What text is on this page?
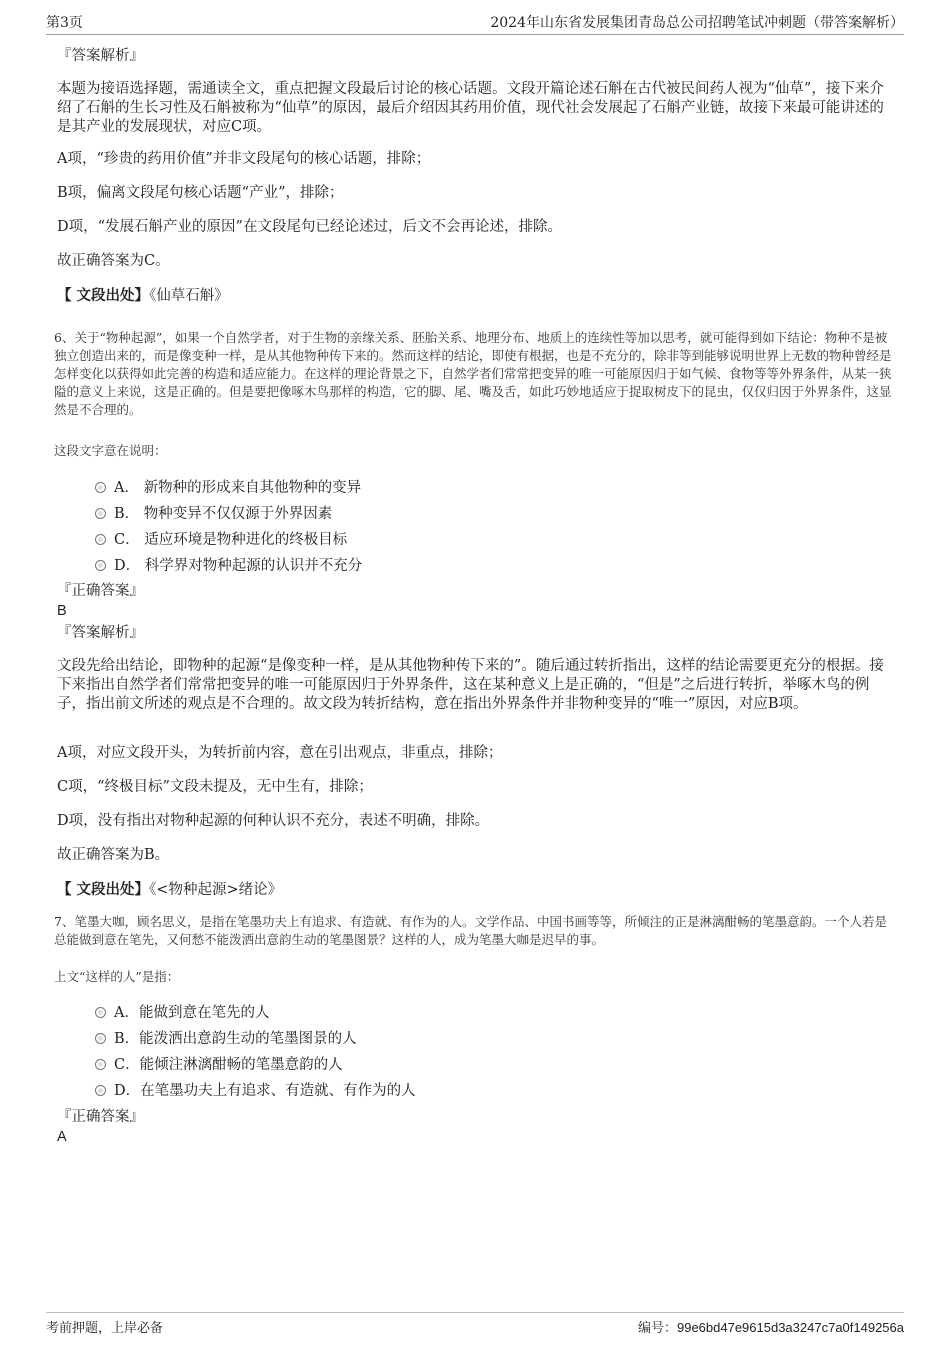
第3页	2024年山东省发展集团青岛总公司招聘笔试冲刺题（带答案解析）
『答案解析』
本题为接语选择题，需通读全文，重点把握文段最后讨论的核心话题。文段开篇论述石斛在古代被民间药人视为“仙草”，接下来介绍了石斛的生长习性及石斛被称为“仙草”的原因，最后介绍因其药用价值，现代社会发展起了石斛产业链，故接下来最可能讲述的是其产业的发展现状，对应C项。
A项，“珍贵的药用价值”并非文段尾句的核心话题，排除；
B项，偏离文段尾句核心话题“产业”，排除；
D项，“发展石斛产业的原因”在文段尾句已经论述过，后文不会再论述，排除。
故正确答案为C。
【 文段出处】《仙草石斛》
6、关于“物种起源”，如果一个自然学者，对于生物的亲缘关系、胚胎关系、地理分布、地质上的连续性等加以思考，就可能得到如下结论：物种不是被独立创造出来的，而是像变种一样，是从其他物种传下来的。然而这样的结论，即使有根据，也是不充分的，除非等到能够说明世界上无数的物种曾经是怎样变化以获得如此完善的构造和适应能力。在这样的理论背景之下，自然学者们常常把变异的唯一可能原因归于如气候、食物等等外界条件，从某一狭隘的意义上来说，这是正确的。但是要把像啄木鸟那样的构造，它的脚、尾、嘴及舌，如此巧妙地适应于捉取树皮下的昆虫，仅仅归因于外界条件，这显然是不合理的。
这段文字意在说明：
A． 新物种的形成来自其他物种的变异
B． 物种变异不仅仅源于外界因素
C． 适应环境是物种进化的终极目标
D． 科学界对物种起源的认识并不充分
『正确答案』
B
『答案解析』
文段先给出结论，即物种的起源“是像变种一样，是从其他物种传下来的”。随后通过转折指出，这样的结论需要更充分的根据。接下来指出自然学者们常常把变异的唯一可能原因归于外界条件，这在某种意义上是正确的，“但是”之后进行转折，举啄木鸟的例子，指出前文所述的观点是不合理的。故文段为转折结构，意在指出外界条件并非物种变异的“唯一”原因，对应B项。
A项，对应文段开头，为转折前内容，意在引出观点，非重点，排除；
C项，“终极目标”文段未提及，无中生有，排除；
D项，没有指出对物种起源的何种认识不充分，表述不明确，排除。
故正确答案为B。
【 文段出处】《<物种起源>绪论》
7、笔墨大咖，顾名思义，是指在笔墨功夫上有追求、有造就、有作为的人。文学作品、中国书画等等，所倾注的正是淋漓酣畅的笔墨意韵。一个人若是总能做到意在笔先，又何愁不能泼洒出意韵生动的笔墨图景？这样的人，成为笔墨大咖是迟早的事。
上文“这样的人”是指：
A．能做到意在笔先的人
B．能泼洒出意韵生动的笔墨图景的人
C．能倾注淋漓酣畅的笔墨意韵的人
D．在笔墨功夫上有追求、有造就、有作为的人
『正确答案』
A
考前押题，上岸必备	编号：99e6bd47e9615d3a3247c7a0f149256a
